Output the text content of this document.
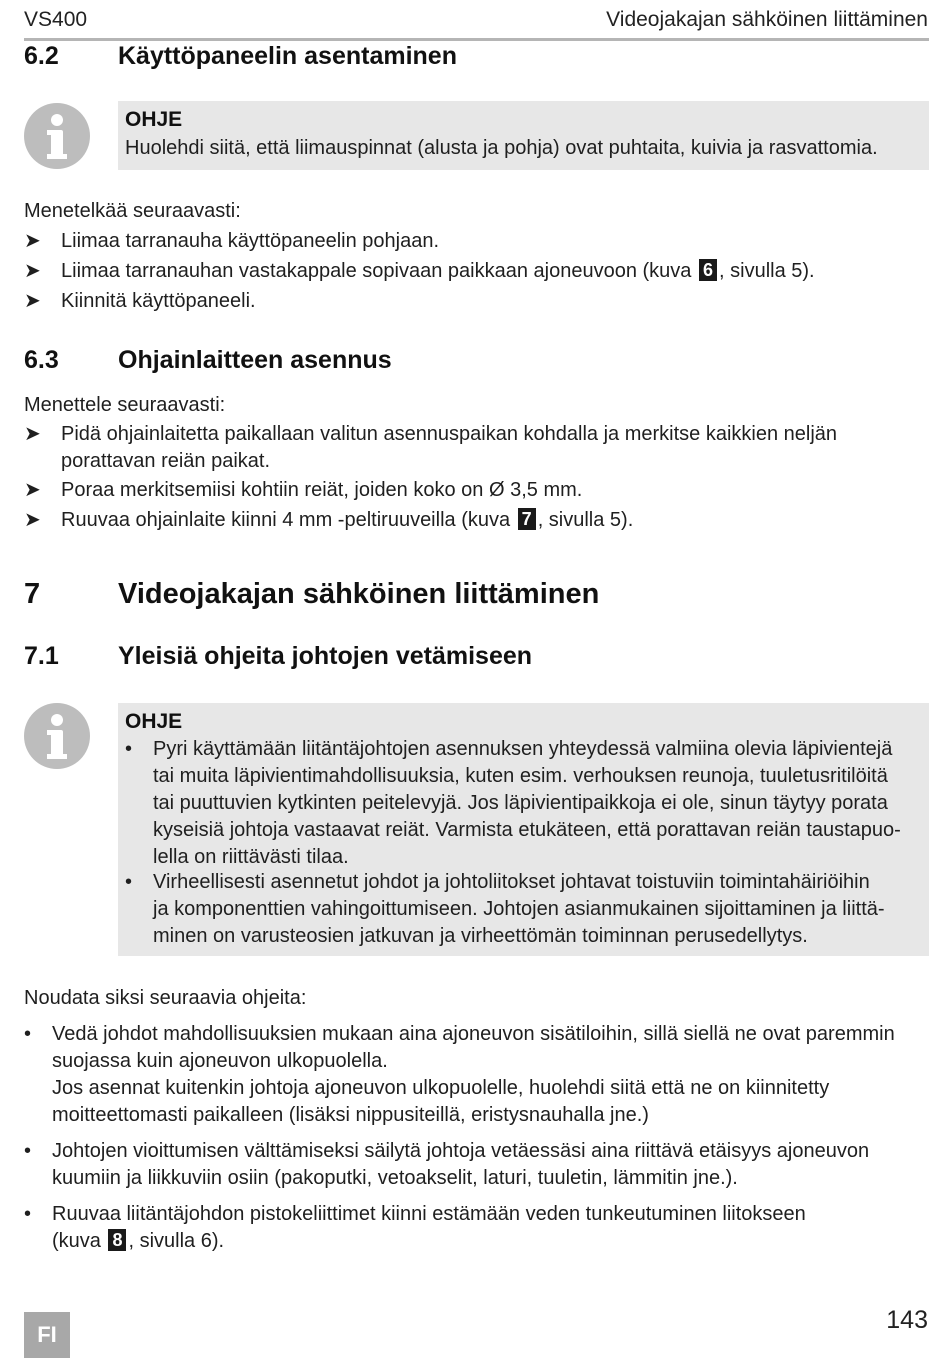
VS400	Videojakajan sähköinen liittäminen
6.2 Käyttöpaneelin asentaminen
OHJE
Huolehdi siitä, että liimauspinnat (alusta ja pohja) ovat puhtaita, kuivia ja rasvattomia.
Menetelkää seuraavasti:
➤ Liimaa tarranauha käyttöpaneelin pohjaan.
➤ Liimaa tarranauhan vastakappale sopivaan paikkaan ajoneuvoon (kuva 6 , sivulla 5).
➤ Kiinnitä käyttöpaneeli.
6.3 Ohjainlaitteen asennus
Menettele seuraavasti:
➤ Pidä ohjainlaitetta paikallaan valitun asennuspaikan kohdalla ja merkitse kaikkien neljän
porattavan reiän paikat.
➤ Poraa merkitsemiisi kohtiin reiät, joiden koko on Ø 3,5 mm.
➤ Ruuvaa ohjainlaite kiinni 4 mm -peltiruuveilla (kuva 7 , sivulla 5).
7	Videojakajan sähköinen liittäminen
7.1 Yleisiä ohjeita johtojen vetämiseen
OHJE
• Pyri käyttämään liitäntäjohtojen asennuksen yhteydessä valmiina olevia läpivientejä
tai muita läpivientimahdollisuuksia, kuten esim. verhouksen reunoja, tuuletusritilöitä
tai puuttuvien kytkinten peitelevyjä. Jos läpivientipaikkoja ei ole, sinun täytyy porata
kyseisiä johtoja vastaavat reiät. Varmista etukäteen, että porattavan reiän taustapuo-
lella on riittävästi tilaa.
• Virheellisesti asennetut johdot ja johtoliitokset johtavat toistuviin toimintahäiriöihin
ja komponenttien vahingoittumiseen. Johtojen asianmukainen sijoittaminen ja liittä-
minen on varusteosien jatkuvan ja virheettömän toiminnan perusedellytys.
Noudata siksi seuraavia ohjeita:
• Vedä johdot mahdollisuuksien mukaan aina ajoneuvon sisätiloihin, sillä siellä ne ovat paremmin
suojassa kuin ajoneuvon ulkopuolella.
Jos asennat kuitenkin johtoja ajoneuvon ulkopuolelle, huolehdi siitä että ne on kiinnitetty
moitteettomasti paikalleen (lisäksi nippusiteillä, eristysnauhalla jne.)
• Johtojen vioittumisen välttämiseksi säilytä johtoja vetäessäsi aina riittävä etäisyys ajoneuvon
kuumiin ja liikkuviin osiin (pakoputki, vetoakselit, laturi, tuuletin, lämmitin jne.).
• Ruuvaa liitäntäjohdon pistokeliittimet kiinni estämään veden tunkeutuminen liitokseen
(kuva 8 , sivulla 6).
FI
143
